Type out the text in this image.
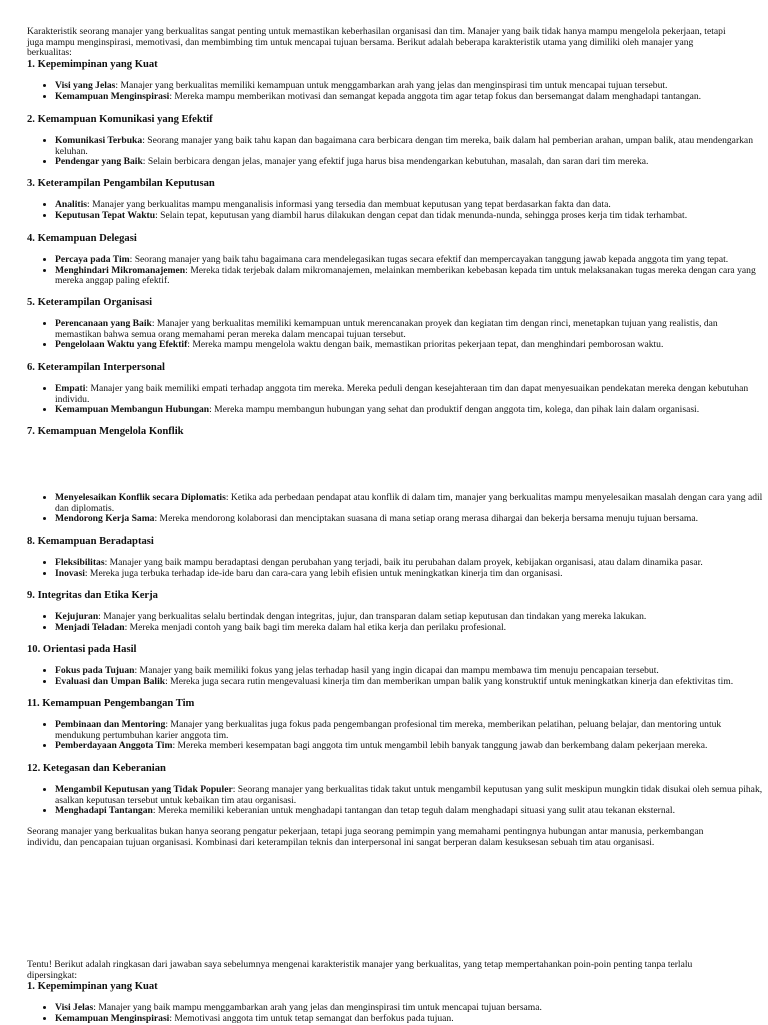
Karakteristik seorang manajer yang berkualitas sangat penting untuk memastikan keberhasilan organisasi dan tim. Manajer yang baik tidak hanya mampu mengelola pekerjaan, tetapi juga mampu menginspirasi, memotivasi, dan membimbing tim untuk mencapai tujuan bersama. Berikut adalah beberapa karakteristik utama yang dimiliki oleh manajer yang berkualitas:

1. Kepemimpinan yang Kuat
• Visi yang Jelas: Manajer yang berkualitas memiliki kemampuan untuk menggambarkan arah yang jelas dan menginspirasi tim untuk mencapai tujuan tersebut.
• Kemampuan Menginspirasi: Mereka mampu memberikan motivasi dan semangat kepada anggota tim agar tetap fokus dan bersemangat dalam menghadapi tantangan.
2. Kemampuan Komunikasi yang Efektif
• Komunikasi Terbuka: Seorang manajer yang baik tahu kapan dan bagaimana cara berbicara dengan tim mereka, baik dalam hal pemberian arahan, umpan balik, atau mendengarkan keluhan.
• Pendengar yang Baik: Selain berbicara dengan jelas, manajer yang efektif juga harus bisa mendengarkan kebutuhan, masalah, dan saran dari tim mereka.
3. Keterampilan Pengambilan Keputusan
• Analitis: Manajer yang berkualitas mampu menganalisis informasi yang tersedia dan membuat keputusan yang tepat berdasarkan fakta dan data.
• Keputusan Tepat Waktu: Selain tepat, keputusan yang diambil harus dilakukan dengan cepat dan tidak menunda-nunda, sehingga proses kerja tim tidak terhambat.
4. Kemampuan Delegasi
• Percaya pada Tim: Seorang manajer yang baik tahu bagaimana cara mendelegasikan tugas secara efektif dan mempercayakan tanggung jawab kepada anggota tim yang tepat.
• Menghindari Mikromanajemen: Mereka tidak terjebak dalam mikromanajemen, melainkan memberikan kebebasan kepada tim untuk melaksanakan tugas mereka dengan cara yang mereka anggap paling efektif.
5. Keterampilan Organisasi
• Perencanaan yang Baik: Manajer yang berkualitas memiliki kemampuan untuk merencanakan proyek dan kegiatan tim dengan rinci, menetapkan tujuan yang realistis, dan memastikan bahwa semua orang memahami peran mereka dalam mencapai tujuan tersebut.
• Pengelolaan Waktu yang Efektif: Mereka mampu mengelola waktu dengan baik, memastikan prioritas pekerjaan tepat, dan menghindari pemborosan waktu.
6. Keterampilan Interpersonal
• Empati: Manajer yang baik memiliki empati terhadap anggota tim mereka. Mereka peduli dengan kesejahteraan tim dan dapat menyesuaikan pendekatan mereka dengan kebutuhan individu.
• Kemampuan Membangun Hubungan: Mereka mampu membangun hubungan yang sehat dan produktif dengan anggota tim, kolega, dan pihak lain dalam organisasi.
7. Kemampuan Mengelola Konflik
• Menyelesaikan Konflik secara Diplomatis: Ketika ada perbedaan pendapat atau konflik di dalam tim, manajer yang berkualitas mampu menyelesaikan masalah dengan cara yang adil dan diplomatis.
• Mendorong Kerja Sama: Mereka mendorong kolaborasi dan menciptakan suasana di mana setiap orang merasa dihargai dan bekerja bersama menuju tujuan bersama.
8. Kemampuan Beradaptasi
• Fleksibilitas: Manajer yang baik mampu beradaptasi dengan perubahan yang terjadi, baik itu perubahan dalam proyek, kebijakan organisasi, atau dalam dinamika pasar.
• Inovasi: Mereka juga terbuka terhadap ide-ide baru dan cara-cara yang lebih efisien untuk meningkatkan kinerja tim dan organisasi.
9. Integritas dan Etika Kerja
• Kejujuran: Manajer yang berkualitas selalu bertindak dengan integritas, jujur, dan transparan dalam setiap keputusan dan tindakan yang mereka lakukan.
• Menjadi Teladan: Mereka menjadi contoh yang baik bagi tim mereka dalam hal etika kerja dan perilaku profesional.
10. Orientasi pada Hasil
• Fokus pada Tujuan: Manajer yang baik memiliki fokus yang jelas terhadap hasil yang ingin dicapai dan mampu membawa tim menuju pencapaian tersebut.
• Evaluasi dan Umpan Balik: Mereka juga secara rutin mengevaluasi kinerja tim dan memberikan umpan balik yang konstruktif untuk meningkatkan kinerja dan efektivitas tim.
11. Kemampuan Pengembangan Tim
• Pembinaan dan Mentoring: Manajer yang berkualitas juga fokus pada pengembangan profesional tim mereka, memberikan pelatihan, peluang belajar, dan mentoring untuk mendukung pertumbuhan karier anggota tim.
• Pemberdayaan Anggota Tim: Mereka memberi kesempatan bagi anggota tim untuk mengambil lebih banyak tanggung jawab dan berkembang dalam pekerjaan mereka.
12. Ketegasan dan Keberanian
• Mengambil Keputusan yang Tidak Populer: Seorang manajer yang berkualitas tidak takut untuk mengambil keputusan yang sulit meskipun mungkin tidak disukai oleh semua pihak, asalkan keputusan tersebut untuk kebaikan tim atau organisasi.
• Menghadapi Tantangan: Mereka memiliki keberanian untuk menghadapi tantangan dan tetap teguh dalam menghadapi situasi yang sulit atau tekanan eksternal.

Seorang manajer yang berkualitas bukan hanya seorang pengatur pekerjaan, tetapi juga seorang pemimpin yang memahami pentingnya hubungan antar manusia, perkembangan individu, dan pencapaian tujuan organisasi. Kombinasi dari keterampilan teknis dan interpersonal ini sangat berperan dalam kesuksesan sebuah tim atau organisasi.

Tentu! Berikut adalah ringkasan dari jawaban saya sebelumnya mengenai karakteristik manajer yang berkualitas, yang tetap mempertahankan poin-poin penting tanpa terlalu dipersingkat:

1. Kepemimpinan yang Kuat
• Visi Jelas: Manajer yang baik mampu menggambarkan arah yang jelas dan menginspirasi tim untuk mencapai tujuan bersama.
• Kemampuan Menginspirasi: Memotivasi anggota tim untuk tetap semangat dan berfokus pada tujuan.
